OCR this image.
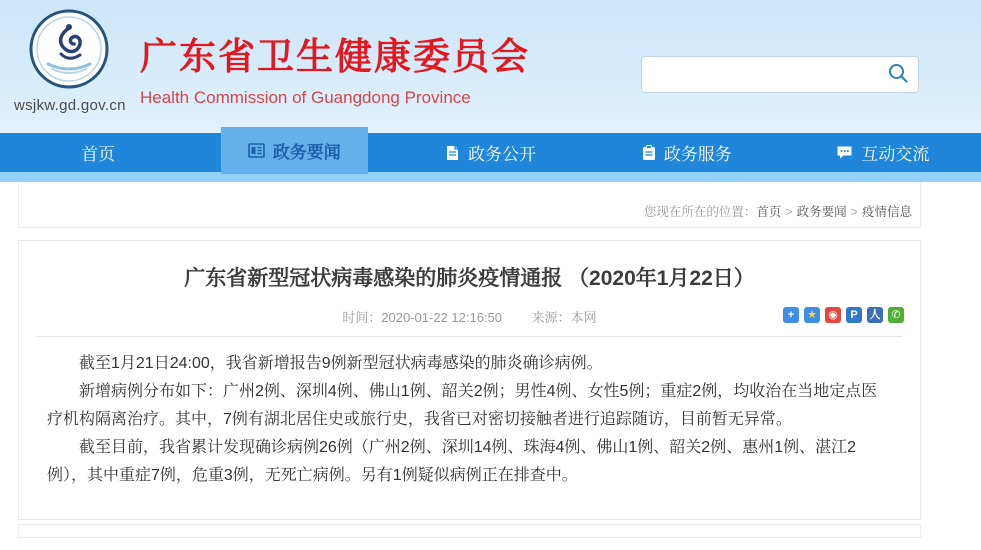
wsjkw.gd.gov.cn
广东省卫生健康委员会
Health Commission of Guangdong Province
首页	政务要闻	政务公开	政务服务	互动交流
您现在所在的位置：首页 > 政务要闻 > 疫情信息
广东省新型冠状病毒感染的肺炎疫情通报 （2020年1月22日）
时间：2020-01-22 12:16:50 来源：本网	+	★ ◉	P	人 ✆

截至1月21日24:00，我省新增报告9例新型冠状病毒感染的肺炎确诊病例。

新增病例分布如下：广州2例、深圳4例、佛山1例、韶关2例；男性4例、女性5例；重症2例，均收治在当地定点医疗机构隔离治疗。其中，7例有湖北居住史或旅行史，我省已对密切接触者进行追踪随访，目前暂无异常。

截至目前，我省累计发现确诊病例26例（广州2例、深圳14例、珠海4例、佛山1例、韶关2例、惠州1例、湛江2例），其中重症7例，危重3例，无死亡病例。另有1例疑似病例正在排查中。
